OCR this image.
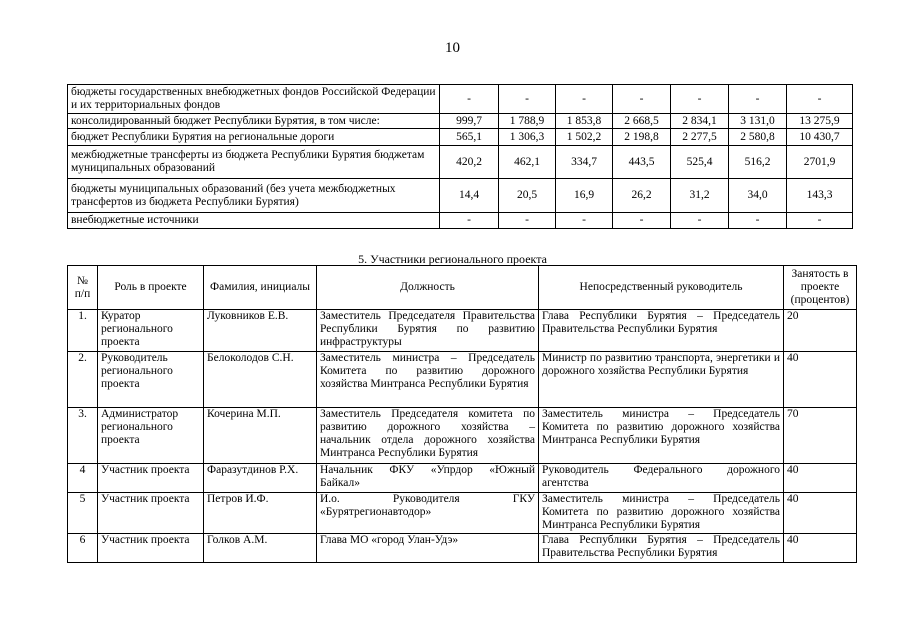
10
бюджеты государственных внебюджетных фондов Российской Федерации и их территориальных фондов	-	-	-	-	-	-	-
консолидированный бюджет Республики Бурятия, в том числе:	999,7	1 788,9	1 853,8	2 668,5	2 834,1	3 131,0	13 275,9
бюджет Республики Бурятия на региональные дороги	565,1	1 306,3	1 502,2	2 198,8	2 277,5	2 580,8	10 430,7
межбюджетные трансферты из бюджета Республики Бурятия бюджетам муниципальных образований	420,2	462,1	334,7	443,5	525,4	516,2	2701,9
бюджеты муниципальных образований (без учета межбюджетных трансфертов из бюджета Республики Бурятия)	14,4	20,5	16,9	26,2	31,2	34,0	143,3
внебюджетные источники	-	-	-	-	-	-	-
5. Участники регионального проекта
№ п/п	Роль в проекте	Фамилия, инициалы	Должность	Непосредственный руководитель	Занятость в проекте (процентов)
1.	Куратор регионального проекта	Луковников Е.В.	Заместитель Председателя Правительства Республики Бурятия по развитию инфраструктуры	Глава Республики Бурятия – Председатель Правительства Республики Бурятия	20
2.	Руководитель регионального проекта	Белоколодов С.Н.	Заместитель министра – Председатель Комитета по развитию дорожного хозяйства Минтранса Республики Бурятия	Министр по развитию транспорта, энергетики и дорожного хозяйства Республики Бурятия	40
3.	Администратор регионального проекта	Кочерина М.П.	Заместитель Председателя комитета по развитию дорожного хозяйства – начальник отдела дорожного хозяйства Минтранса Республики Бурятия	Заместитель министра – Председатель Комитета по развитию дорожного хозяйства Минтранса Республики Бурятия	70
4	Участник проекта	Фаразутдинов Р.Х.	Начальник ФКУ «Упрдор «Южный Байкал»	Руководитель Федерального дорожного агентства	40
5	Участник проекта	Петров И.Ф.	И.о. Руководителя ГКУ «Бурятрегионавтодор»	Заместитель министра – Председатель Комитета по развитию дорожного хозяйства Минтранса Республики Бурятия	40
6	Участник проекта	Голков А.М.	Глава МО «город Улан-Удэ»	Глава Республики Бурятия – Председатель Правительства Республики Бурятия	40
